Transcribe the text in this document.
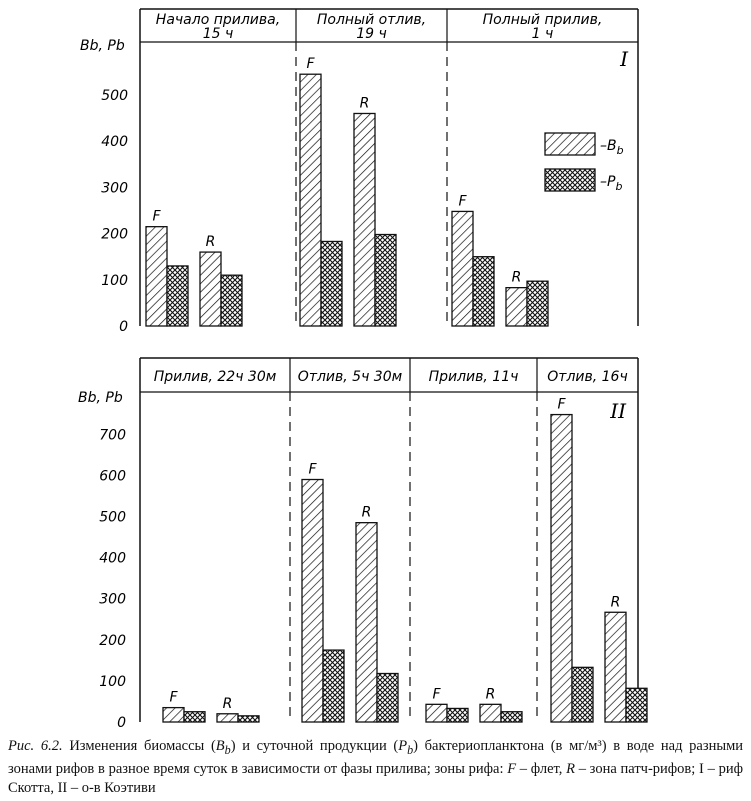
Bb, Pb
0
100
200
300
400
500
I
Начало прилива,
15 ч
F
R
Полный отлив,
19 ч
F
R
Полный прилив,
1 ч
F
R
$-B_b$
$-P_b$
Bb, Pb
0
100
200
300
400
500
600
700
II
Прилив, 22ч 30м
F	R
Отлив, 5ч 30м
F
R
Прилив, 11ч
F	R
Отлив, 16ч
F
R
Рис. 6.2. Изменения биомассы $(B_b)$ и суточной продукции $(P_b)$ бактериопланктона (в мг/м³) в воде над разными зонами рифов в разное время суток в зависимости от фазы прилива; зоны рифа: F – флет, R – зона патч-рифов; I – риф Скотта, II – о-в Коэтиви
